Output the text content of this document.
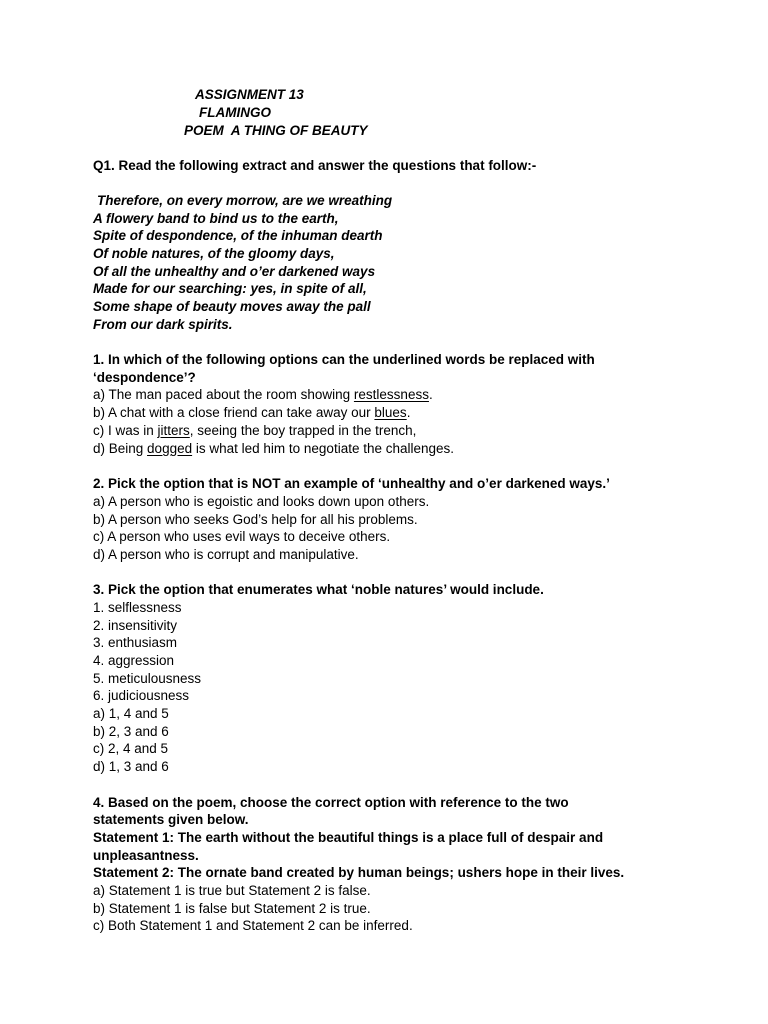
ASSIGNMENT 13
FLAMINGO
POEM  A THING OF BEAUTY
Q1. Read the following extract and answer the questions that follow:-
Therefore, on every morrow, are we wreathing
A flowery band to bind us to the earth,
Spite of despondence, of the inhuman dearth
Of noble natures, of the gloomy days,
Of all the unhealthy and o’er darkened ways
Made for our searching: yes, in spite of all,
Some shape of beauty moves away the pall
From our dark spirits.
1. In which of the following options can the underlined words be replaced with
‘despondence’?
a) The man paced about the room showing restlessness.
b) A chat with a close friend can take away our blues.
c) I was in jitters, seeing the boy trapped in the trench,
d) Being dogged is what led him to negotiate the challenges.
2. Pick the option that is NOT an example of ‘unhealthy and o’er darkened ways.’
a) A person who is egoistic and looks down upon others.
b) A person who seeks God’s help for all his problems.
c) A person who uses evil ways to deceive others.
d) A person who is corrupt and manipulative.
3. Pick the option that enumerates what ‘noble natures’ would include.
1. selflessness
2. insensitivity
3. enthusiasm
4. aggression
5. meticulousness
6. judiciousness
a) 1, 4 and 5
b) 2, 3 and 6
c) 2, 4 and 5
d) 1, 3 and 6
4. Based on the poem, choose the correct option with reference to the two
statements given below.
Statement 1: The earth without the beautiful things is a place full of despair and
unpleasantness.
Statement 2: The ornate band created by human beings; ushers hope in their lives.
a) Statement 1 is true but Statement 2 is false.
b) Statement 1 is false but Statement 2 is true.
c) Both Statement 1 and Statement 2 can be inferred.
